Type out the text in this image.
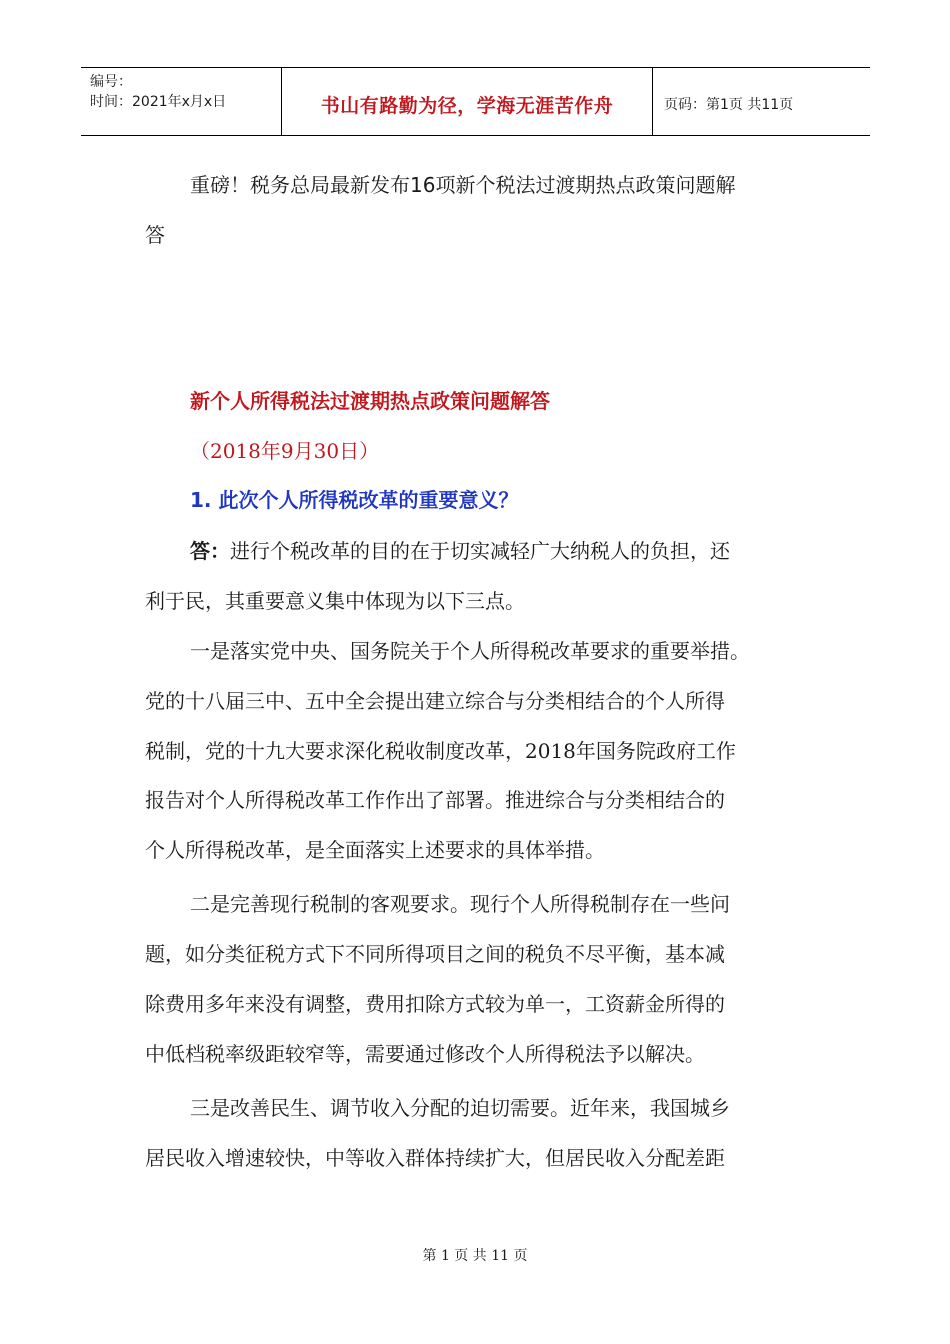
编号：
时间：2021年x月x日	书山有路勤为径，学海无涯苦作舟	页码：第1页 共11页
重磅！税务总局最新发布16项新个税法过渡期热点政策问题解
答
新个人所得税法过渡期热点政策问题解答
（2018年9月30日）
1. 此次个人所得税改革的重要意义？
答：进行个税改革的目的在于切实减轻广大纳税人的负担，还
利于民，其重要意义集中体现为以下三点。
一是落实党中央、国务院关于个人所得税改革要求的重要举措。
党的十八届三中、五中全会提出建立综合与分类相结合的个人所得
税制，党的十九大要求深化税收制度改革，2018年国务院政府工作
报告对个人所得税改革工作作出了部署。推进综合与分类相结合的
个人所得税改革，是全面落实上述要求的具体举措。
二是完善现行税制的客观要求。现行个人所得税制存在一些问
题，如分类征税方式下不同所得项目之间的税负不尽平衡，基本减
除费用多年来没有调整，费用扣除方式较为单一，工资薪金所得的
中低档税率级距较窄等，需要通过修改个人所得税法予以解决。
三是改善民生、调节收入分配的迫切需要。近年来，我国城乡
居民收入增速较快，中等收入群体持续扩大，但居民收入分配差距
第 1 页 共 11 页
